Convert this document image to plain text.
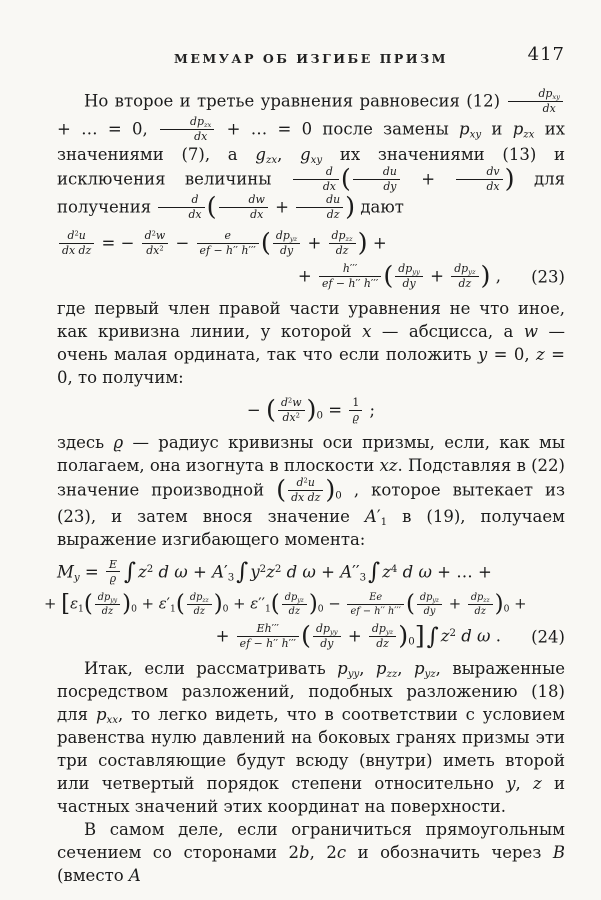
МЕМУАР ОБ ИЗГИБЕ ПРИЗМ	417

Но второе и третье уравнения равновесия $(12) \frac{dp_{xy}}{dx}$
+ … = 0, $\frac{dp_{zx}}{dx}$ + … = 0 после замены $p_{xy}$ и $p_{zx}$ их значениями (7), а $g_{zx}$, $g_{xy}$ их значениями (13) и исключения величины $\frac{d}{dx}$ ( $\frac{du}{dy} + \frac{dv}{dx}$ ) для получения $\frac{d}{dx}$ ( $\frac{dw}{dx} + \frac{du}{dz}$ ) дают

$\frac{d^2u}{\text{dx dz}}$ = − $\frac{d^2w}{dx^2} - \frac{e}{ef - h'' h'''}$ ( $\frac{dp_{yz}}{dy} + \frac{dp_{zz}}{dz}$ ) +
+ $\frac{h'''}{ef - h'' h'''}$ ( $\frac{dp_{yy}}{dy} + \frac{dp_{yz}}{dz}$ ) , (23)

где первый член правой части уравнения не что иное, как кривизна линии, у которой x — абсцисса, а w — очень малая ордината, так что если положить y = 0, z = 0, то получим:

− ( $\frac{d^2w}{dx^2} )_0 = \frac{1}{ϱ}$ ;

здесь ϱ — радиус кривизны оси призмы, если, как мы полагаем, она изогнута в плоскости xz. Подставляя в (22) значение производной ( $\frac{d^2u}{\text{dx dz}} )_0$ , которое вытекает из (23), и затем внося значение $A'_1$ в (19), получаем выражение изгибающего момента:

$M_y = \frac{E}{ϱ}$ ∫ $z^2$ d $\omega + A'_3\int$ $y^2z^2$ d $\omega + A''_3\int$ $z^4$ d ω + … +
+ [$\varepsilon_1( \frac{dp_{yy}}{dz} )_0 + \varepsilon'_1( \frac{dp_{zz}}{dz} )_0 + \varepsilon''_1( \frac{dp_{yz}}{dz} )_0 - \frac{Ee}{ef - h'' h'''}$ ( $\frac{dp_{yz}}{dy} + \frac{dp_{zz}}{dz} )_0$ +
+ $\frac{Eh'''}{ef - h'' h'''}$ ( $\frac{dp_{yy}}{dy} + \frac{dp_{yz}}{dz} )_0]\int$ $z^2$ d ω . (24)

Итак, если рассматривать $p_{yy}$, $p_{zz}$, $p_{yz}$, выраженные посредством разложений, подобных разложению (18) для $p_{xx}$, то легко видеть, что в соответствии с условием равенства нулю давлений на боковых гранях призмы эти три составляющие будут всюду (внутри) иметь второй или четвертый порядок степени относительно y, z и частных значений этих координат на поверхности.

В самом деле, если ограничиться прямоугольным сечением со сторонами 2b, 2c и обозначить через B (вместо A
